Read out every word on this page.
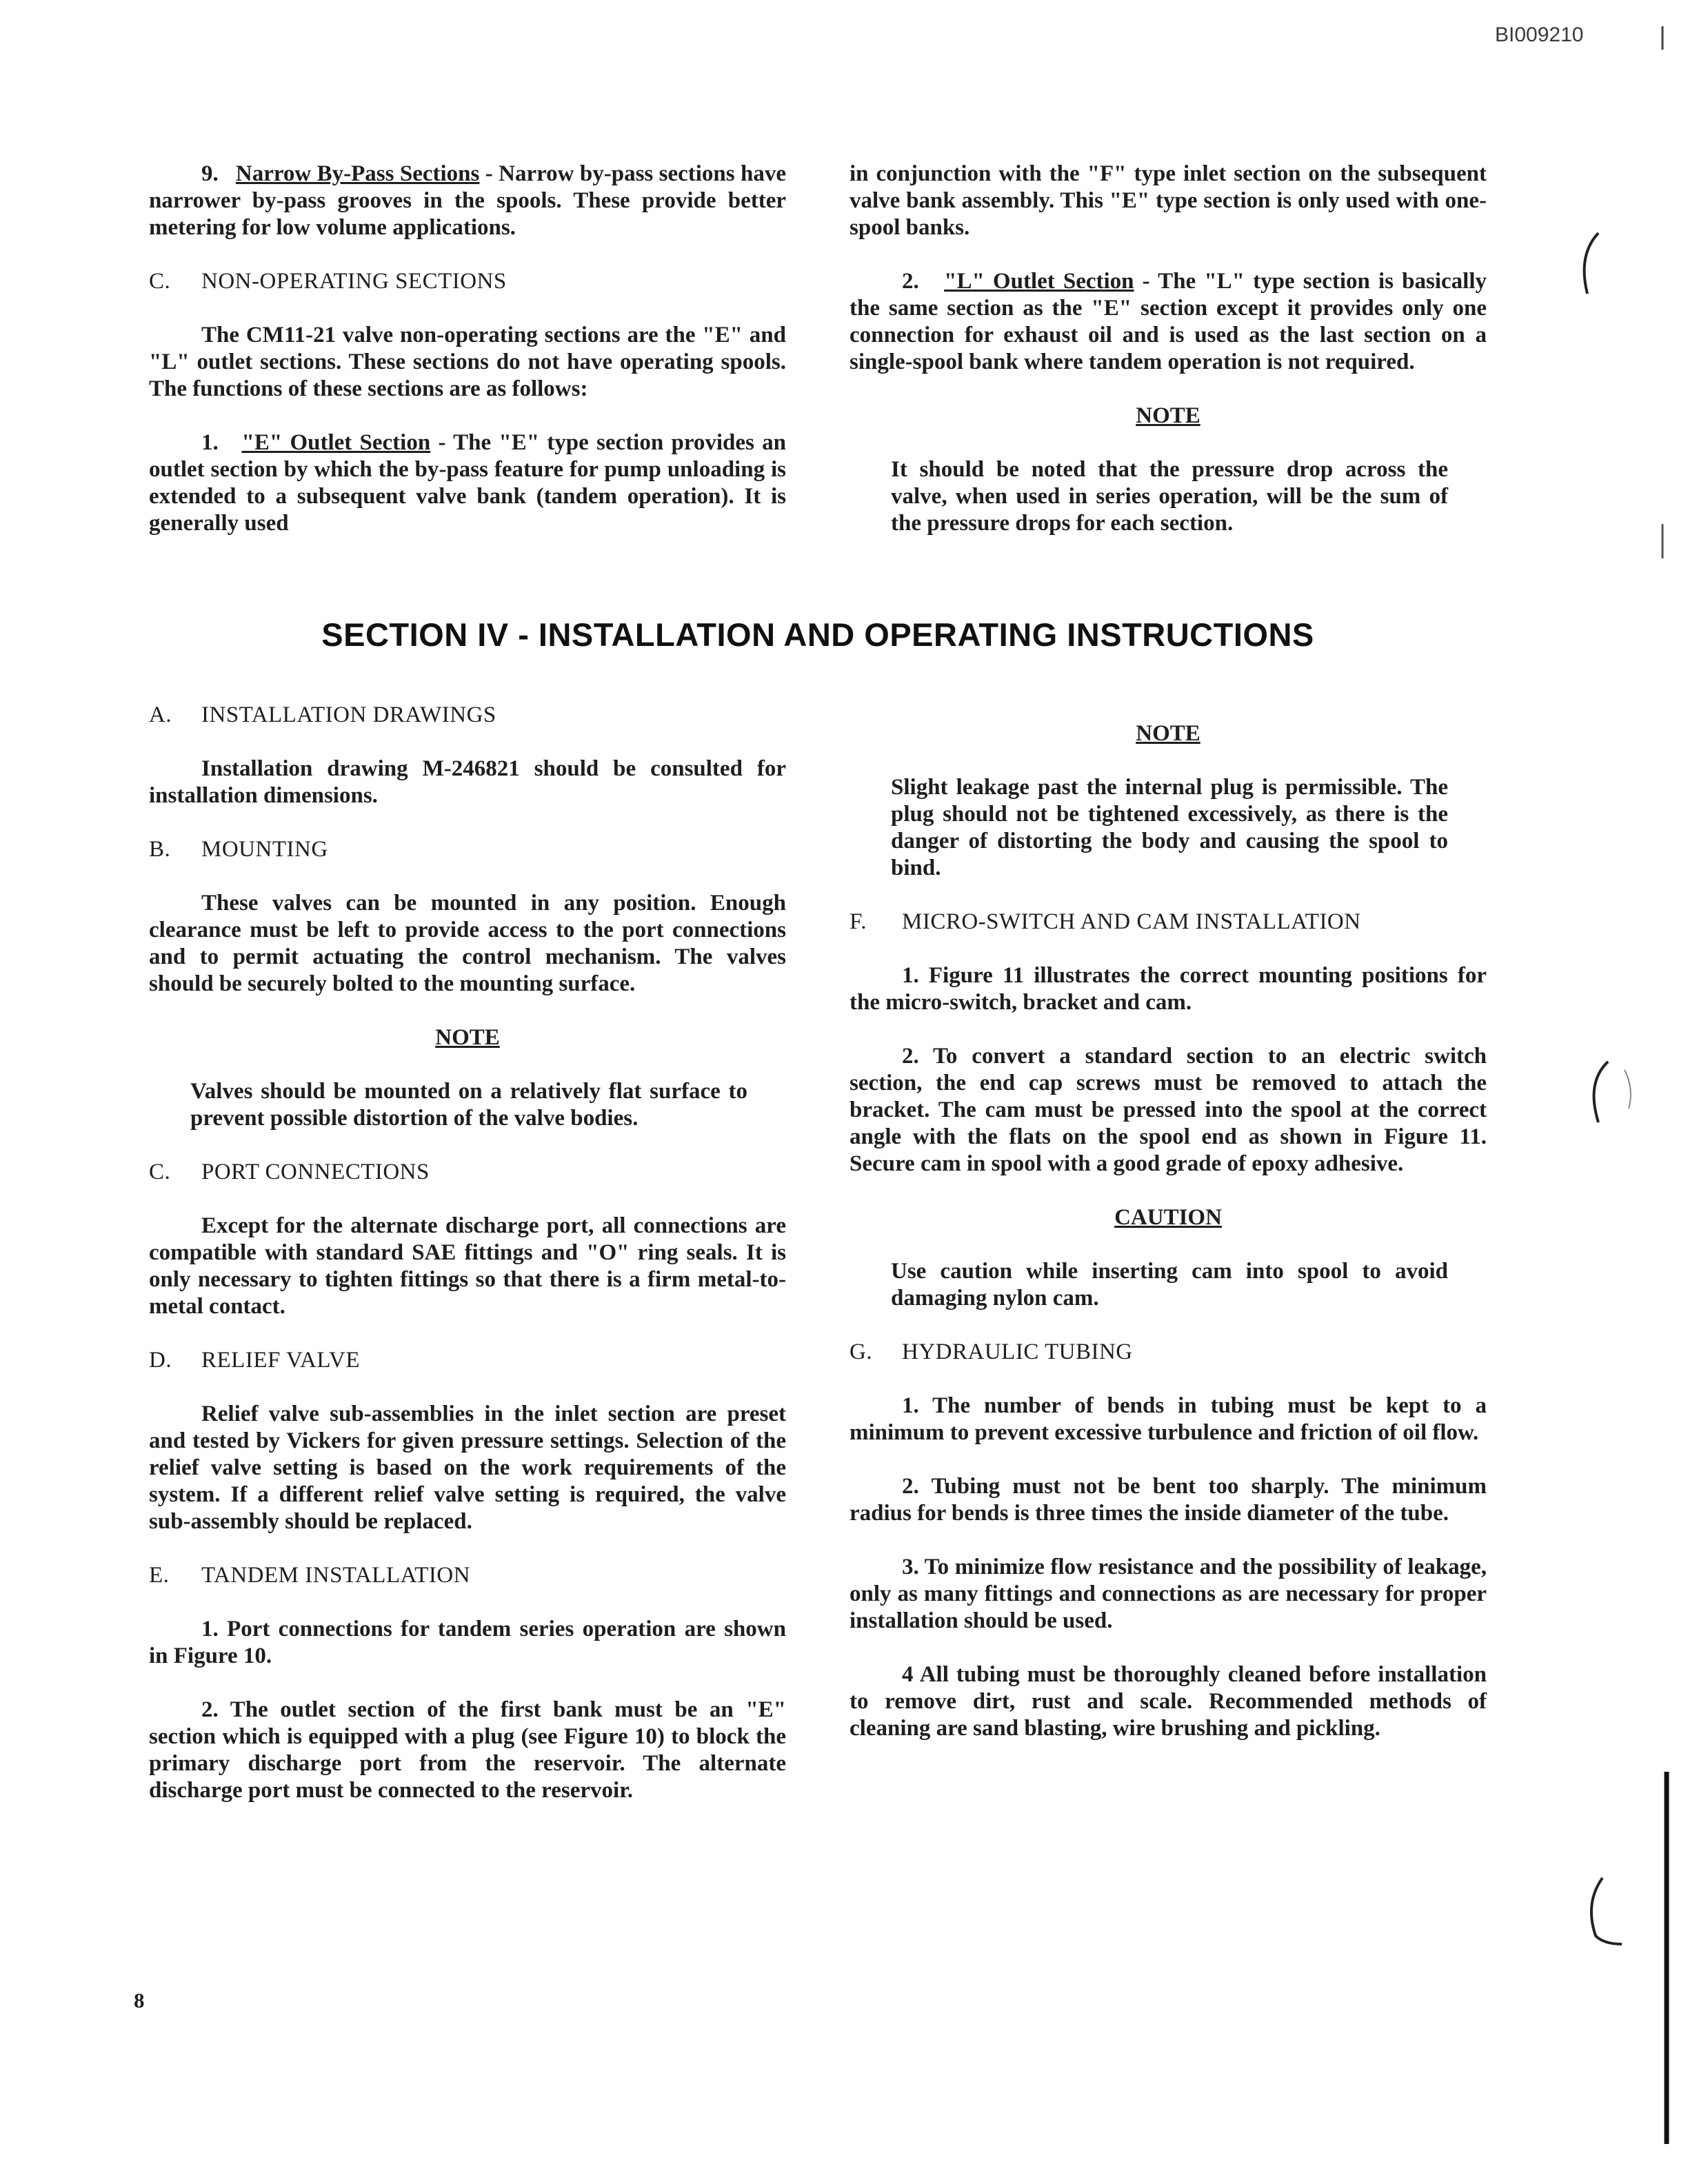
BI009210

9. Narrow By-Pass Sections - Narrow by-pass sections have narrower by-pass grooves in the spools. These provide better metering for low volume applications.

C. NON-OPERATING SECTIONS

The CM11-21 valve non-operating sections are the "E" and "L" outlet sections. These sections do not have operating spools. The functions of these sections are as follows:

1. "E" Outlet Section - The "E" type section provides an outlet section by which the by-pass feature for pump unloading is extended to a subsequent valve bank (tandem operation). It is generally used

in conjunction with the "F" type inlet section on the subsequent valve bank assembly. This "E" type section is only used with one-spool banks.

2. "L" Outlet Section - The "L" type section is basically the same section as the "E" section except it provides only one connection for exhaust oil and is used as the last section on a single-spool bank where tandem operation is not required.

NOTE
It should be noted that the pressure drop across the valve, when used in series operation, will be the sum of the pressure drops for each section.
SECTION IV - INSTALLATION AND OPERATING INSTRUCTIONS
A. INSTALLATION DRAWINGS

Installation drawing M-246821 should be consulted for installation dimensions.

B. MOUNTING

These valves can be mounted in any position. Enough clearance must be left to provide access to the port connections and to permit actuating the control mechanism. The valves should be securely bolted to the mounting surface.

NOTE
Valves should be mounted on a relatively flat surface to prevent possible distortion of the valve bodies.
C. PORT CONNECTIONS

Except for the alternate discharge port, all connections are compatible with standard SAE fittings and "O" ring seals. It is only necessary to tighten fittings so that there is a firm metal-to-metal contact.

D. RELIEF VALVE

Relief valve sub-assemblies in the inlet section are preset and tested by Vickers for given pressure settings. Selection of the relief valve setting is based on the work requirements of the system. If a different relief valve setting is required, the valve sub-assembly should be replaced.

E. TANDEM INSTALLATION

1. Port connections for tandem series operation are shown in Figure 10.

2. The outlet section of the first bank must be an "E" section which is equipped with a plug (see Figure 10) to block the primary discharge port from the reservoir. The alternate discharge port must be connected to the reservoir.

NOTE
Slight leakage past the internal plug is permissible. The plug should not be tightened excessively, as there is the danger of distorting the body and causing the spool to bind.
F. MICRO-SWITCH AND CAM INSTALLATION

1. Figure 11 illustrates the correct mounting positions for the micro-switch, bracket and cam.

2. To convert a standard section to an electric switch section, the end cap screws must be removed to attach the bracket. The cam must be pressed into the spool at the correct angle with the flats on the spool end as shown in Figure 11. Secure cam in spool with a good grade of epoxy adhesive.

CAUTION
Use caution while inserting cam into spool to avoid damaging nylon cam.
G. HYDRAULIC TUBING

1. The number of bends in tubing must be kept to a minimum to prevent excessive turbulence and friction of oil flow.

2. Tubing must not be bent too sharply. The minimum radius for bends is three times the inside diameter of the tube.

3. To minimize flow resistance and the possibility of leakage, only as many fittings and connections as are necessary for proper installation should be used.

4 All tubing must be thoroughly cleaned before installation to remove dirt, rust and scale. Recommended methods of cleaning are sand blasting, wire brushing and pickling.

8
